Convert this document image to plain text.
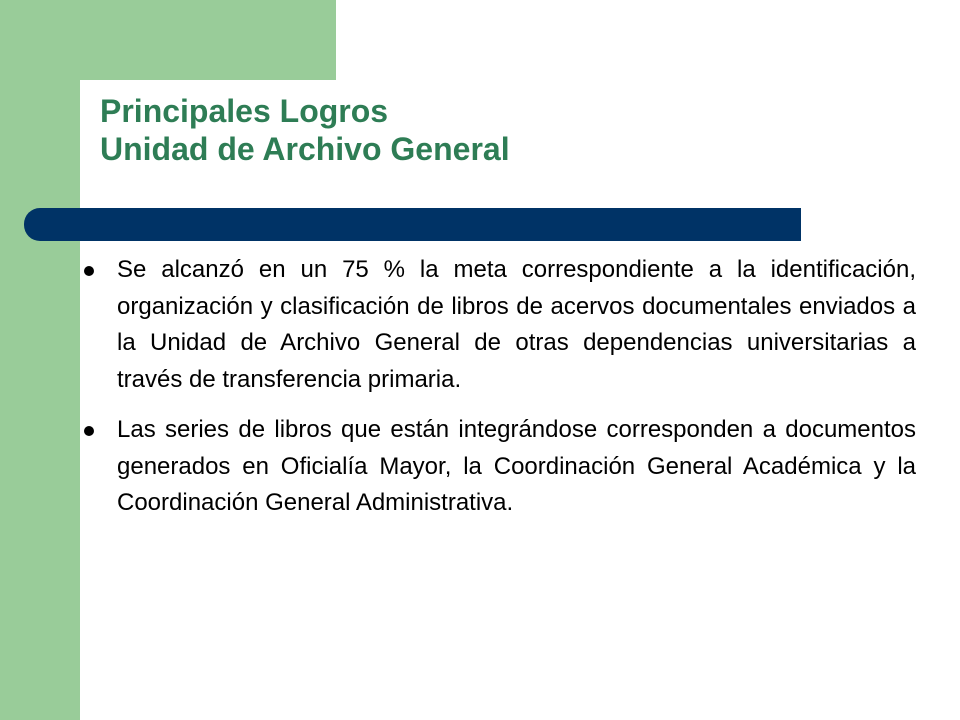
Principales Logros
Unidad de Archivo General
Se alcanzó en un 75 % la meta correspondiente a la identificación, organización y clasificación de libros de acervos documentales enviados a la Unidad de Archivo General de otras dependencias universitarias a través de transferencia primaria.
Las series de libros que están integrándose corresponden a documentos generados en Oficialía Mayor, la Coordinación General Académica y la Coordinación General Administrativa.
